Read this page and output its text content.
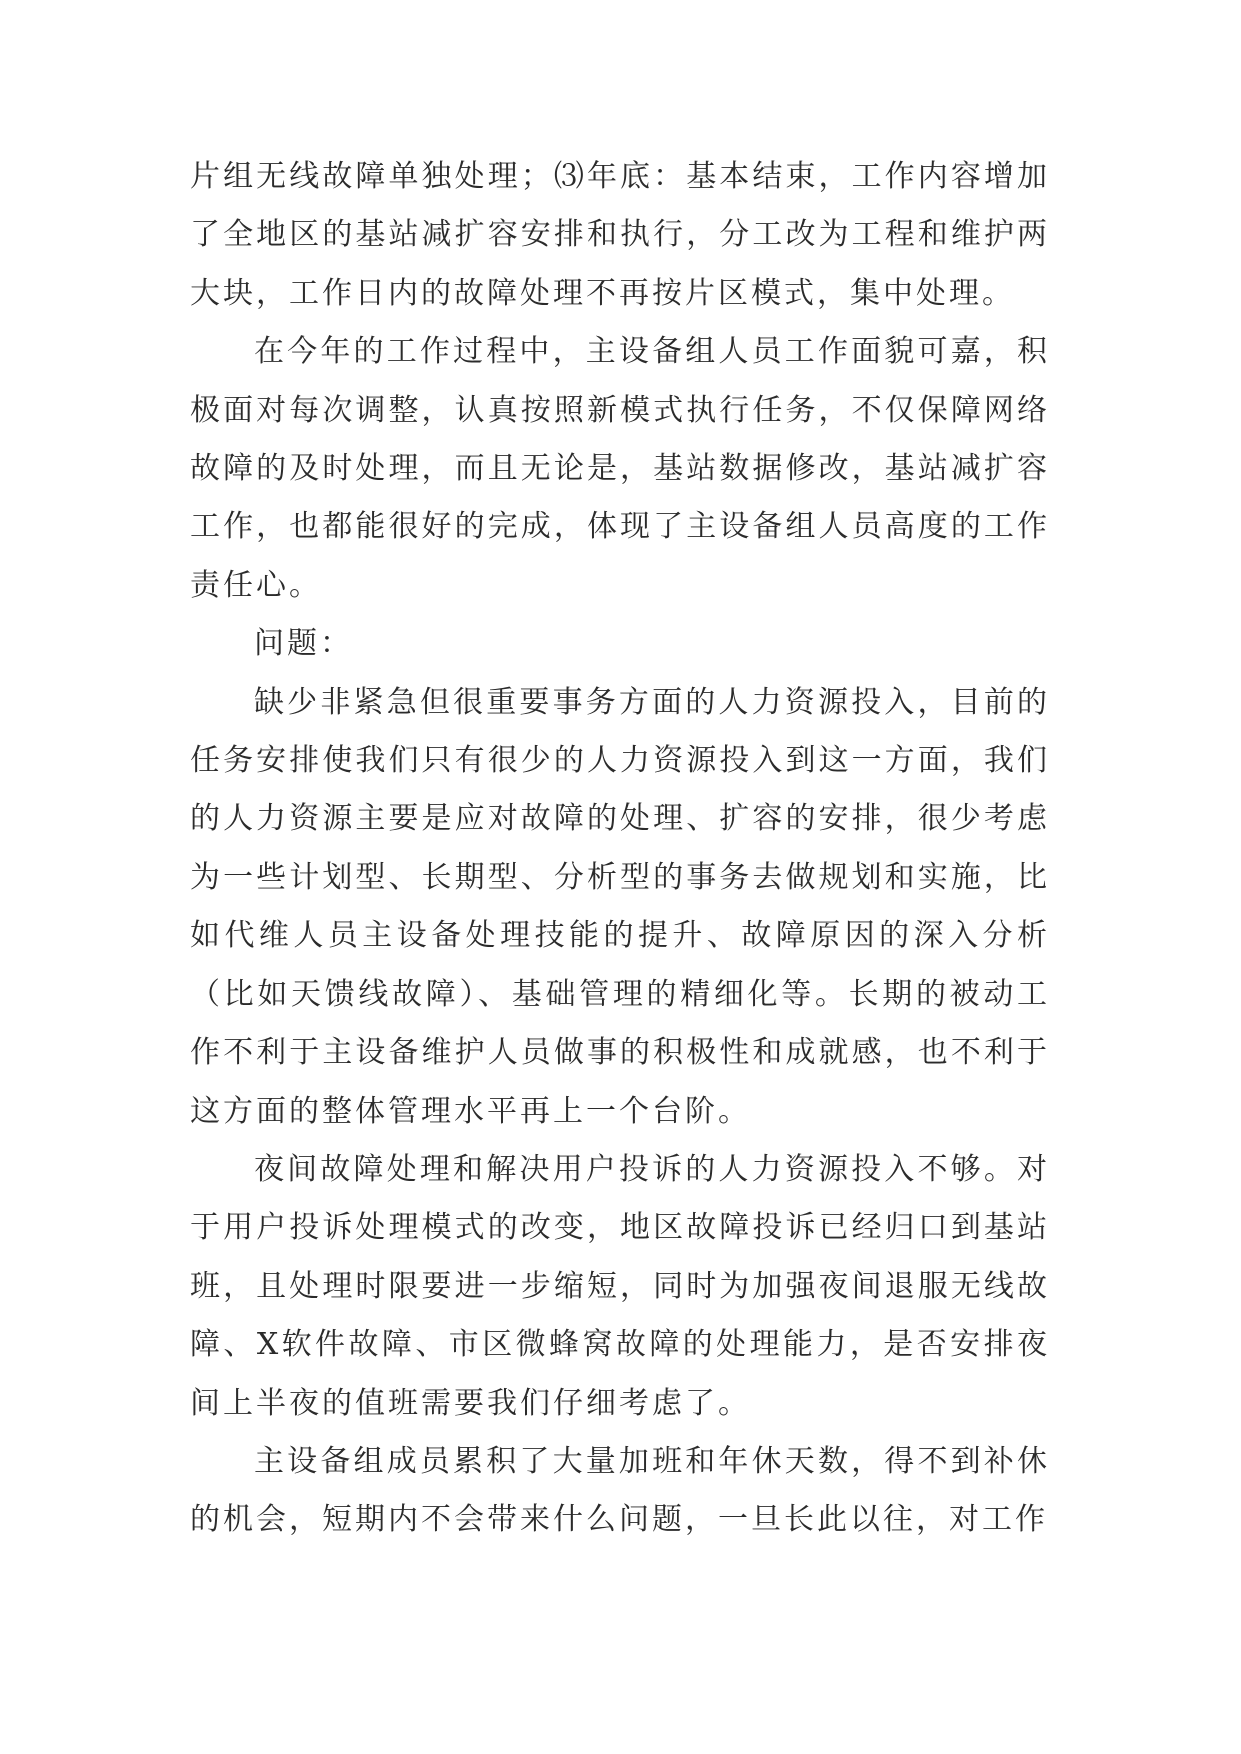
片组无线故障单独处理；⑶年底：基本结束，工作内容增加了全地区的基站减扩容安排和执行，分工改为工程和维护两大块，工作日内的故障处理不再按片区模式，集中处理。

在今年的工作过程中，主设备组人员工作面貌可嘉，积极面对每次调整，认真按照新模式执行任务，不仅保障网络故障的及时处理，而且无论是，基站数据修改，基站减扩容工作，也都能很好的完成，体现了主设备组人员高度的工作责任心。

问题：

缺少非紧急但很重要事务方面的人力资源投入，目前的任务安排使我们只有很少的人力资源投入到这一方面，我们的人力资源主要是应对故障的处理、扩容的安排，很少考虑为一些计划型、长期型、分析型的事务去做规划和实施，比如代维人员主设备处理技能的提升、故障原因的深入分析（比如天馈线故障）、基础管理的精细化等。长期的被动工作不利于主设备维护人员做事的积极性和成就感，也不利于这方面的整体管理水平再上一个台阶。

夜间故障处理和解决用户投诉的人力资源投入不够。对于用户投诉处理模式的改变，地区故障投诉已经归口到基站班，且处理时限要进一步缩短，同时为加强夜间退服无线故障、X软件故障、市区微蜂窝故障的处理能力，是否安排夜间上半夜的值班需要我们仔细考虑了。

主设备组成员累积了大量加班和年休天数，得不到补休的机会，短期内不会带来什么问题，一旦长此以往，对工作
